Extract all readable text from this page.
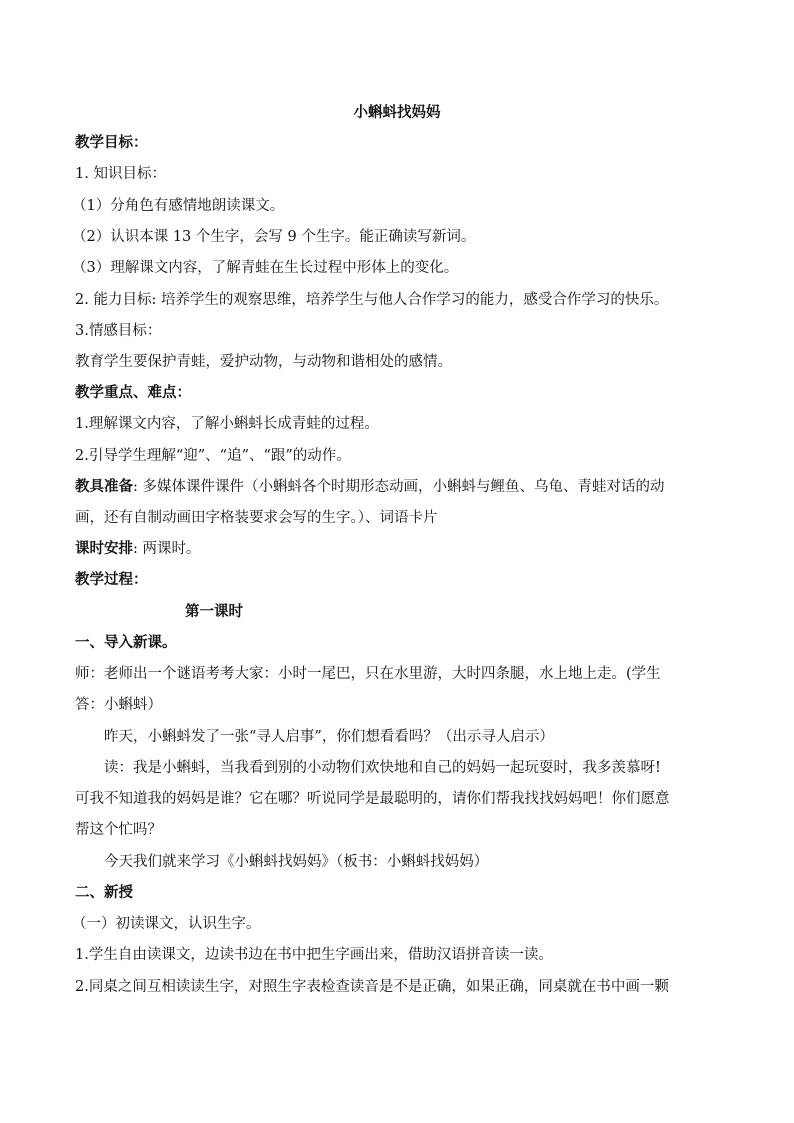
小蝌蚪找妈妈
教学目标：
1. 知识目标：
（1）分角色有感情地朗读课文。
（2）认识本课 13 个生字，会写 9 个生字。能正确读写新词。
（3）理解课文内容，了解青蛙在生长过程中形体上的变化。
2. 能力目标: 培养学生的观察思维，培养学生与他人合作学习的能力，感受合作学习的快乐。
3.情感目标：
教育学生要保护青蛙，爱护动物，与动物和谐相处的感情。
教学重点、难点：
1.理解课文内容，了解小蝌蚪长成青蛙的过程。
2.引导学生理解“迎”、“追”、“跟”的动作。
教具准备: 多媒体课件课件（小蝌蚪各个时期形态动画，小蝌蚪与鲤鱼、乌龟、青蛙对话的动
画，还有自制动画田字格装要求会写的生字。）、词语卡片
课时安排: 两课时。
教学过程：
第一课时
一、导入新课。
师：老师出一个谜语考考大家：小时一尾巴，只在水里游，大时四条腿，水上地上走。(学生
答：小蝌蚪）
昨天，小蝌蚪发了一张“寻人启事”，你们想看看吗？（出示寻人启示）
读：我是小蝌蚪，当我看到别的小动物们欢快地和自己的妈妈一起玩耍时，我多羡慕呀!
可我不知道我的妈妈是谁？它在哪？听说同学是最聪明的，请你们帮我找找妈妈吧！你们愿意
帮这个忙吗？
今天我们就来学习《小蝌蚪找妈妈》（板书：小蝌蚪找妈妈）
二、新授
（一）初读课文，认识生字。
1.学生自由读课文，边读书边在书中把生字画出来，借助汉语拼音读一读。
2.同桌之间互相读读生字，对照生字表检查读音是不是正确，如果正确，同桌就在书中画一颗
